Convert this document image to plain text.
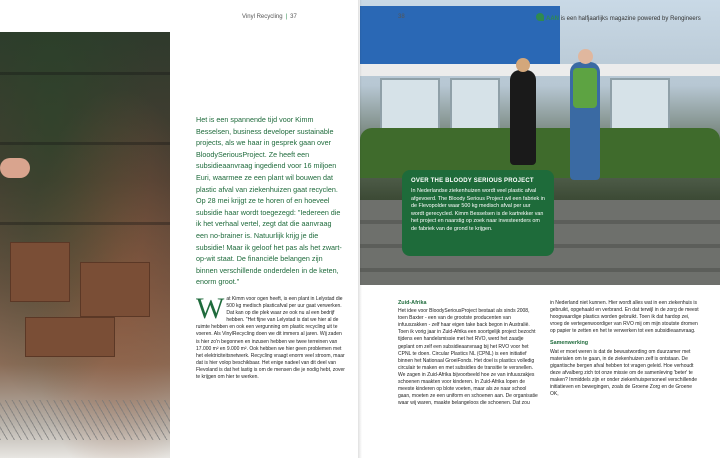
Vinyl Recycling | 37

Het is een spannende tijd voor Kimm Besselsen, business developer sustainable projects, als we haar in gesprek gaan over BloodySeriousProject. Ze heeft een subsidieaanvraag ingediend voor 16 miljoen Euri, waarmee ze een plant wil bouwen dat plastic afval van ziekenhuizen gaat recyclen. Op 28 mei krijgt ze te horen of en hoeveel subsidie haar wordt toegezegd: "Iedereen die ik het verhaal vertel, zegt dat die aanvraag een no-brainer is. Natuurlijk krijg je die subsidie! Maar ik geloof het pas als het zwart-op-wit staat. De financiële belangen zijn binnen verschillende onderdelen in de keten, enorm groot."

Wat Kimm voor ogen heeft, is een plant in Lelystad die 500 kg medisch plasticafval per uur gaat verwerken. Dat kan op die plek waar ze ook nu al een bedrijf hebben. "Het fijne van Lelystad is dat we hier al de ruimte hebben en ook een vergunning om plastic recycling uit te voeren. Als VinylRecycling doen we dit immers al jaren. Wij zaden is hier zo'n begonnen en inzusen hebben we twee terreinen van 17.000 m² en 9.000 m². Ook hebben we hier geen problemen met het elektriciteitsnetwerk. Recycling vraagt enorm veel stroom, maar dat is hier volop beschikbaar. Het enige nadeel van dit deel van Flevoland is dat het lastig is om de mensen die je nodig hebt, zover te krijgen om hier te werken.
38	AAN is een halfjaarlijks magazine powered by Rengineers
OVER THE BLOODY SERIOUS PROJECT
In Nederlandse ziekenhuizen wordt veel plastic afval afgevoerd. The Bloody Serious Project wil een fabriek in de Flevopolder waar 500 kg medisch afval per uur wordt gerecycled. Kimm Besselsen is de kartrekker van het project en naarstig op zoek naar investeerders om de fabriek van de grond te krijgen.
Zuid-Afrika

Het idee voor BloodySeriousProject bestaat als sinds 2008, toen Baxter - een van de grootste producenten van infuuszakken - zelf haar eigen take back begon in Australië. Toen ik vorig jaar in Zuid-Afrika een soortgelijk project bezocht tijdens een handelsmissie met het RVO, werd het zaadje geplant om zelf een subsidieaanvraag bij het RVO voor het CPNL te doen. Circular Plastics NL (CPNL) is een initiatief binnen het Nationaal GroeiFonds. Het doel is plastics volledig circulair te maken en met subsidies de transitie te versnellen. We zagen in Zuid-Afrika bijvoorbeeld hoe ze van infuuszakjes schoenen maakten voor kinderen. In Zuid-Afrika lopen de meeste kinderen op blote voeten, maar als ze naar school gaan, moeten ze een uniform en schoenen aan. De organisatie waar wij waren, maakte belangeloos die schoenen. Dat zou

in Nederland niet kunnen. Hier wordt alles wat in een ziekenhuis is gebruikt, opgehaald en verbrand. En dat terwijl in de zorg de meest hoogwaardige plastics worden gebruikt. Toen ik dat hardop zei, vroeg de vertegenwoordiger van RVO mij om mijn stoutste dromen op papier te zetten en het te verwerken tot een subsidieaanvraag.

Samenwerking

Wat er moet weren is dat de bewustwording om duurzamer met materialen om te gaan, in de ziekenhuizen zelf is ontstaan. De gigantische bergen afval hebben tot vragen geleid. Hoe verhoudt deze afvalberg zich tot onze missie om de samenleving 'beter' te maken? Inmiddels zijn er onder ziekenhuispersoneel verschillende initiatieven en bewegingen, zoals de Groene Zorg en de Groene OK,
